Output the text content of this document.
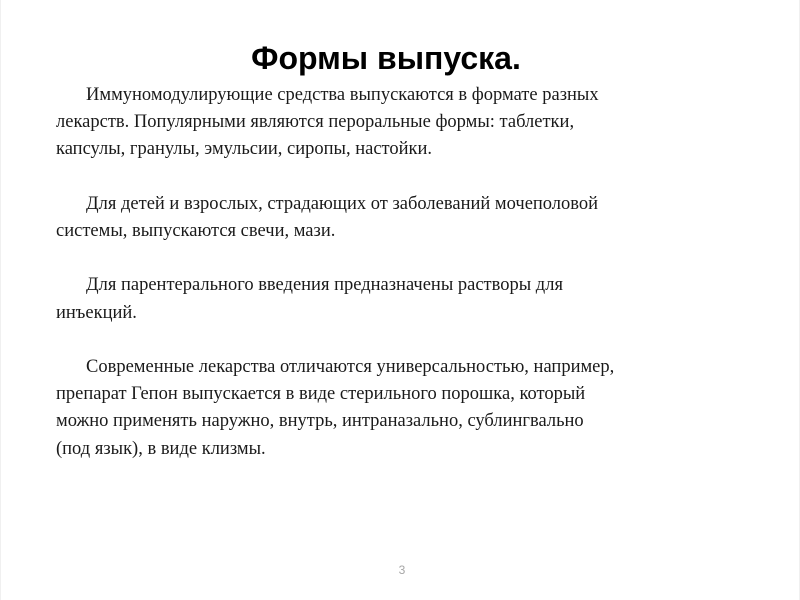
Формы выпуска.

Иммуномодулирующие средства выпускаются в формате разных
лекарств. Популярными являются пероральные формы: таблетки,
капсулы, гранулы, эмульсии, сиропы, настойки.

Для детей и взрослых, страдающих от заболеваний мочеполовой
системы, выпускаются свечи, мази.

Для парентерального введения предназначены растворы для
инъекций.

Современные лекарства отличаются универсальностью, например,
препарат Гепон выпускается в виде стерильного порошка, который
можно применять наружно, внутрь, интраназально, сублингвально
(под язык), в виде клизмы.

3
